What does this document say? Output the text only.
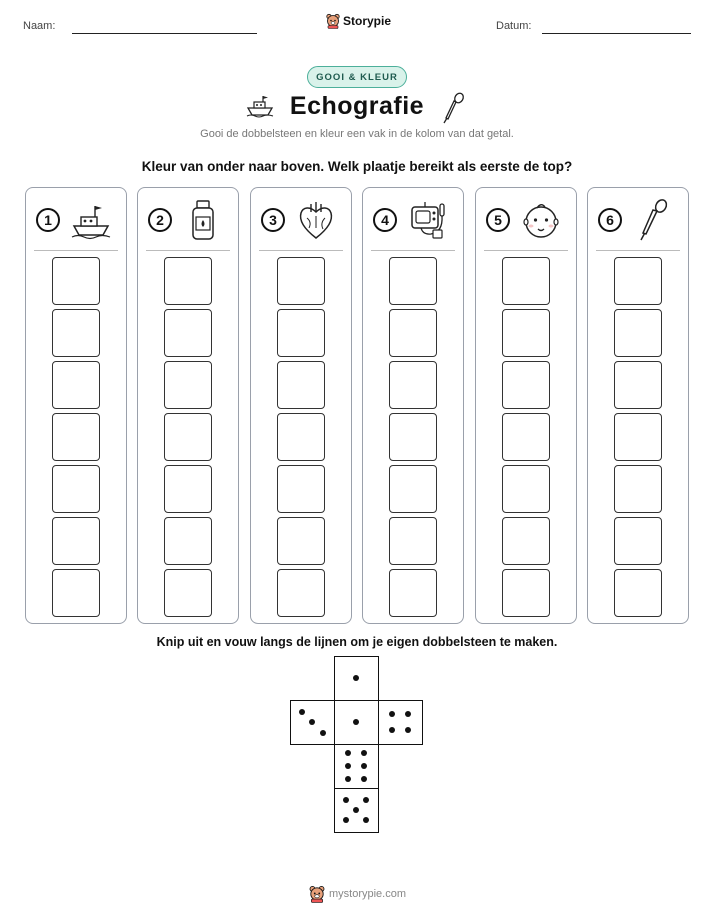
Naam:	Storypie	Datum:
GOOI & KLEUR
Echografie
Gooi de dobbelsteen en kleur een vak in de kolom van dat getal.
Kleur van onder naar boven. Welk plaatje bereikt als eerste de top?
1	2	3	4	5	6
Knip uit en vouw langs de lijnen om je eigen dobbelsteen te maken.
mystorypie.com
